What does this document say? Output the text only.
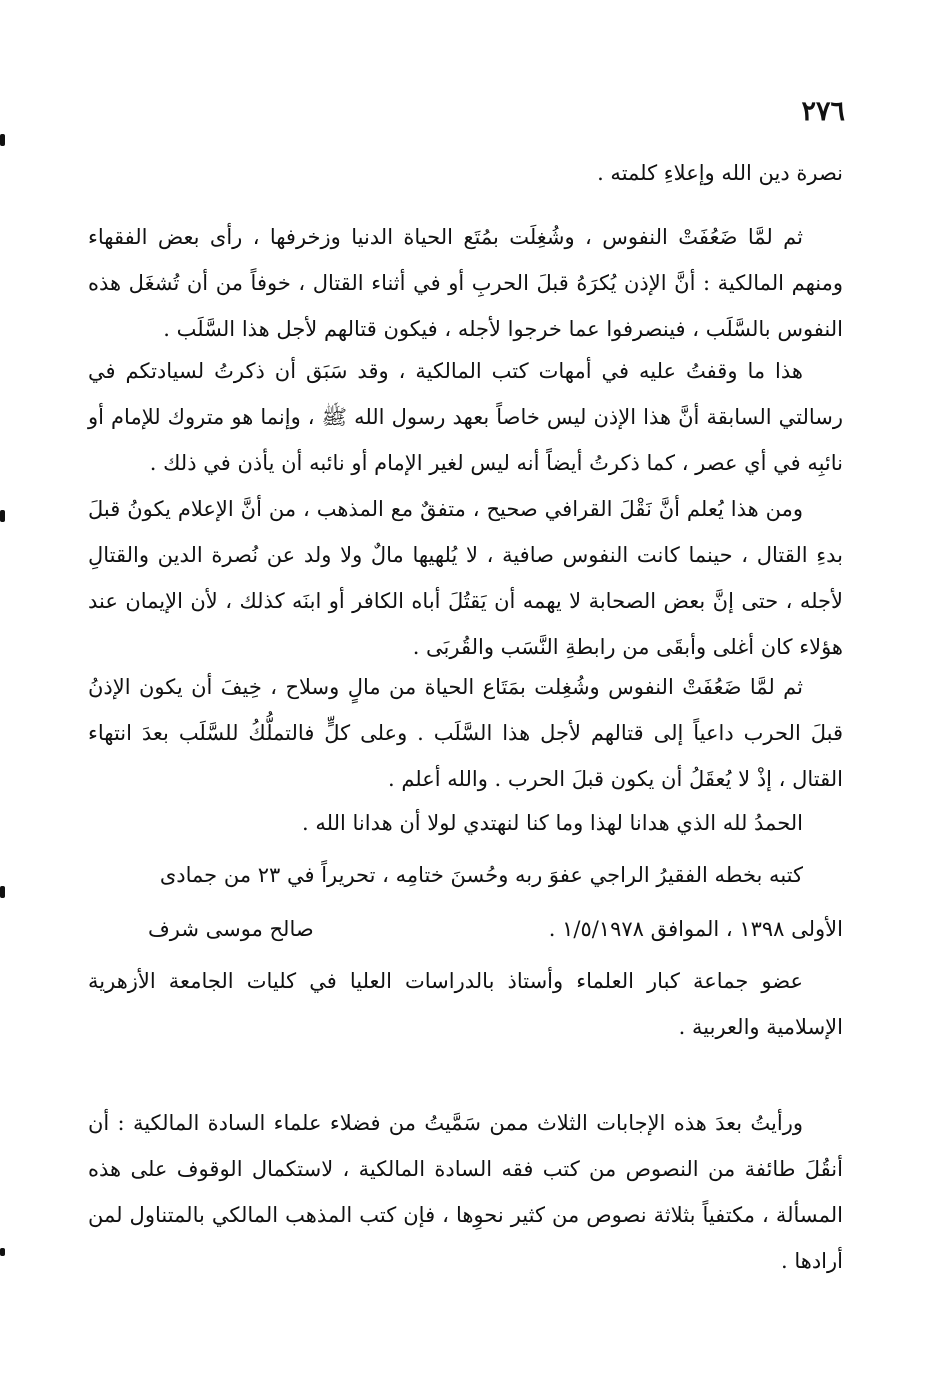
٢٧٦

نصرة دين الله وإعلاءِ كلمته .

ثم لمَّا ضَعُفَتْ النفوس ، وشُغِلَت بمُتَع الحياة الدنيا وزخرفها ، رأى بعض الفقهاء ومنهم المالكية : أنَّ الإذن يُكرَهُ قبلَ الحربِ أو في أثناء القتال ، خوفاً من أن تُشغَل هذه النفوس بالسَّلَب ، فينصرفوا عما خرجوا لأجله ، فيكون قتالهم لأجل هذا السَّلَب .

هذا ما وقفتُ عليه في أمهات كتب المالكية ، وقد سَبَق أن ذكرتُ لسيادتكم في رسالتي السابقة أنَّ هذا الإذن ليس خاصاً بعهد رسول الله ﷺ ، وإنما هو متروك للإمام أو نائبِه في أي عصر ، كما ذكرتُ أيضاً أنه ليس لغير الإمام أو نائبه أن يأذن في ذلك .

ومن هذا يُعلم أنَّ نَقْلَ القرافي صحيح ، متفقٌ مع المذهب ، من أنَّ الإعلام يكونُ قبلَ بدءِ القتال ، حينما كانت النفوس صافية ، لا يُلهيها مالٌ ولا ولد عن نُصرة الدين والقتالِ لأجله ، حتى إنَّ بعض الصحابة لا يهمه أن يَقتُلَ أباه الكافر أو ابنَه كذلك ، لأن الإيمان عند هؤلاء كان أغلى وأبقَى من رابطةِ النَّسَب والقُربَى .

ثم لمَّا ضَعُفَتْ النفوس وشُغِلت بمَتَاع الحياة من مالٍ وسلاح ، خِيفَ أن يكون الإذنُ قبلَ الحرب داعياً إلى قتالهم لأجل هذا السَّلَب . وعلى كلٍّ فالتملُّكُ للسَّلَب بعدَ انتهاء القتال ، إذْ لا يُعقَلُ أن يكون قبلَ الحرب . والله أعلم .

الحمدُ لله الذي هدانا لهذا وما كنا لنهتدي لولا أن هدانا الله .

كتبه بخطه الفقيرُ الراجي عفوَ ربه وحُسنَ ختامِه ، تحريراً في ٢٣ من جمادى

الأولى ١٣٩٨ ، الموافق ١/٥/١٩٧٨ .
صالح موسى شرف

عضو جماعة كبار العلماء وأستاذ بالدراسات العليا في كليات الجامعة الأزهرية الإسلامية والعربية .

ورأيتُ بعدَ هذه الإجابات الثلاث ممن سَمَّيتُ من فضلاء علماء السادة المالكية : أن أنقُلَ طائفة من النصوص من كتب فقه السادة المالكية ، لاستكمال الوقوف على هذه المسألة ، مكتفياً بثلاثة نصوص من كثير نحوِها ، فإن كتب المذهب المالكي بالمتناول لمن أرادها .
